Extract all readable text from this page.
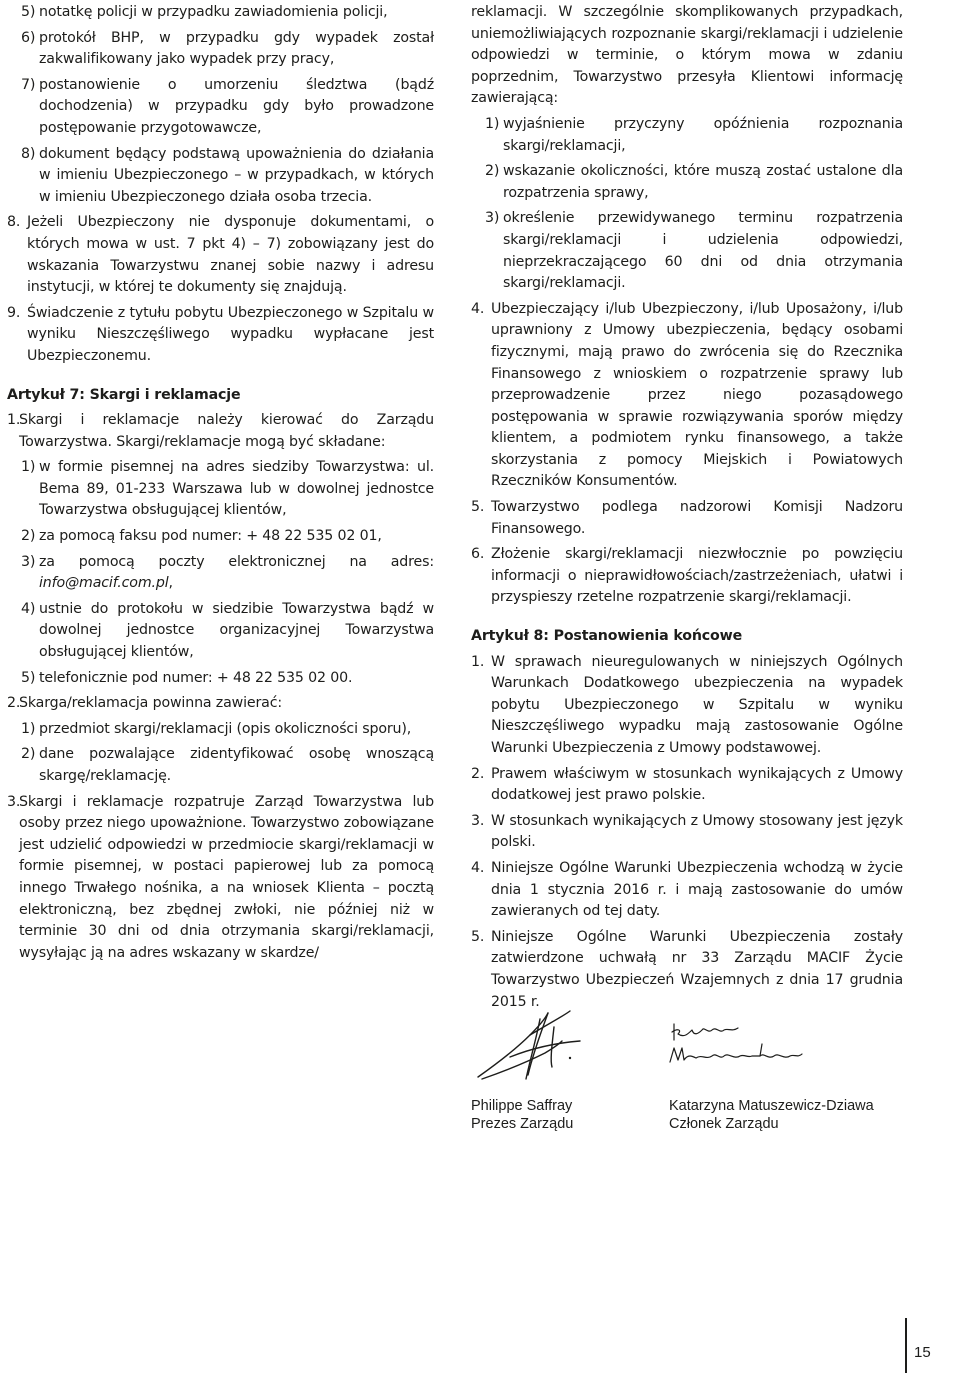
5) notatkę policji w przypadku zawiadomienia policji,
6) protokół BHP, w przypadku gdy wypadek został zakwalifikowany jako wypadek przy pracy,
7) postanowienie o umorzeniu śledztwa (bądź dochodzenia) w przypadku gdy było prowadzone postępowanie przygotowawcze,
8) dokument będący podstawą upoważnienia do działania w imieniu Ubezpieczonego – w przypadkach, w których w imieniu Ubezpieczonego działa osoba trzecia.
8. Jeżeli Ubezpieczony nie dysponuje dokumentami, o których mowa w ust. 7 pkt 4) – 7) zobowiązany jest do wskazania Towarzystwu znanej sobie nazwy i adresu instytucji, w której te dokumenty się znajdują.
9. Świadczenie z tytułu pobytu Ubezpieczonego w Szpitalu w wyniku Nieszczęśliwego wypadku wypłacane jest Ubezpieczonemu.

Artykuł 7: Skargi i reklamacje

1.
Skargi i reklamacje należy kierować do Zarządu Towarzystwa. Skargi/reklamacje mogą być składane:
1) w formie pisemnej na adres siedziby Towarzystwa: ul. Bema 89, 01-233 Warszawa lub w dowolnej jednostce Towarzystwa obsługującej klientów,
2) za pomocą faksu pod numer: + 48 22 535 02 01,
3) za pomocą poczty elektronicznej na adres: info@macif.com.pl,
4) ustnie do protokołu w siedzibie Towarzystwa bądź w dowolnej jednostce organizacyjnej Towarzystwa obsługującej klientów,
5) telefonicznie pod numer: + 48 22 535 02 00.
2.
Skarga/reklamacja powinna zawierać:
1) przedmiot skargi/reklamacji (opis okoliczności sporu),
2) dane pozwalające zidentyfikować osobę wnoszącą skargę/reklamację.
3.
Skargi i reklamacje rozpatruje Zarząd Towarzystwa lub osoby przez niego upoważnione. Towarzystwo zobowiązane jest udzielić odpowiedzi w przedmiocie skargi/reklamacji w formie pisemnej, w postaci papierowej lub za pomocą innego Trwałego nośnika, a na wniosek Klienta – pocztą elektroniczną, bez zbędnej zwłoki, nie później niż w terminie 30 dni od dnia otrzymania skargi/reklamacji, wysyłając ją na adres wskazany w skardze/

reklamacji. W szczególnie skomplikowanych przypadkach, uniemożliwiających rozpoznanie skargi/reklamacji i udzielenie odpowiedzi w terminie, o którym mowa w zdaniu poprzednim, Towarzystwo przesyła Klientowi informację zawierającą:

1) wyjaśnienie przyczyny opóźnienia rozpoznania skargi/reklamacji,
2) wskazanie okoliczności, które muszą zostać ustalone dla rozpatrzenia sprawy,
3) określenie przewidywanego terminu rozpatrzenia skargi/reklamacji i udzielenia odpowiedzi, nieprzekraczającego 60 dni od dnia otrzymania skargi/reklamacji.
4. Ubezpieczający i/lub Ubezpieczony, i/lub Uposażony, i/lub uprawniony z Umowy ubezpieczenia, będący osobami fizycznymi, mają prawo do zwrócenia się do Rzecznika Finansowego z wnioskiem o rozpatrzenie sprawy lub przeprowadzenie przez niego pozasądowego postępowania w sprawie rozwiązywania sporów między klientem, a podmiotem rynku finansowego, a także skorzystania z pomocy Miejskich i Powiatowych Rzeczników Konsumentów.
5. Towarzystwo podlega nadzorowi Komisji Nadzoru Finansowego.
6. Złożenie skargi/reklamacji niezwłocznie po powzięciu informacji o nieprawidłowościach/zastrzeżeniach, ułatwi i przyspieszy rzetelne rozpatrzenie skargi/reklamacji.

Artykuł 8: Postanowienia końcowe

1. W sprawach nieuregulowanych w niniejszych Ogólnych Warunkach Dodatkowego ubezpieczenia na wypadek pobytu Ubezpieczonego w Szpitalu w wyniku Nieszczęśliwego wypadku mają zastosowanie Ogólne Warunki Ubezpieczenia z Umowy podstawowej.
2. Prawem właściwym w stosunkach wynikających z Umowy dodatkowej jest prawo polskie.
3. W stosunkach wynikających z Umowy stosowany jest język polski.
4. Niniejsze Ogólne Warunki Ubezpieczenia wchodzą w życie dnia 1 stycznia 2016 r. i mają zastosowanie do umów zawieranych od tej daty.
5. Niniejsze Ogólne Warunki Ubezpieczenia zostały zatwierdzone uchwałą nr 33 Zarządu MACIF Życie Towarzystwo Ubezpieczeń Wzajemnych z dnia 17 grudnia 2015 r.
Philippe Saffray
Prezes Zarządu
Katarzyna Matuszewicz-Dziawa
Członek Zarządu
15
